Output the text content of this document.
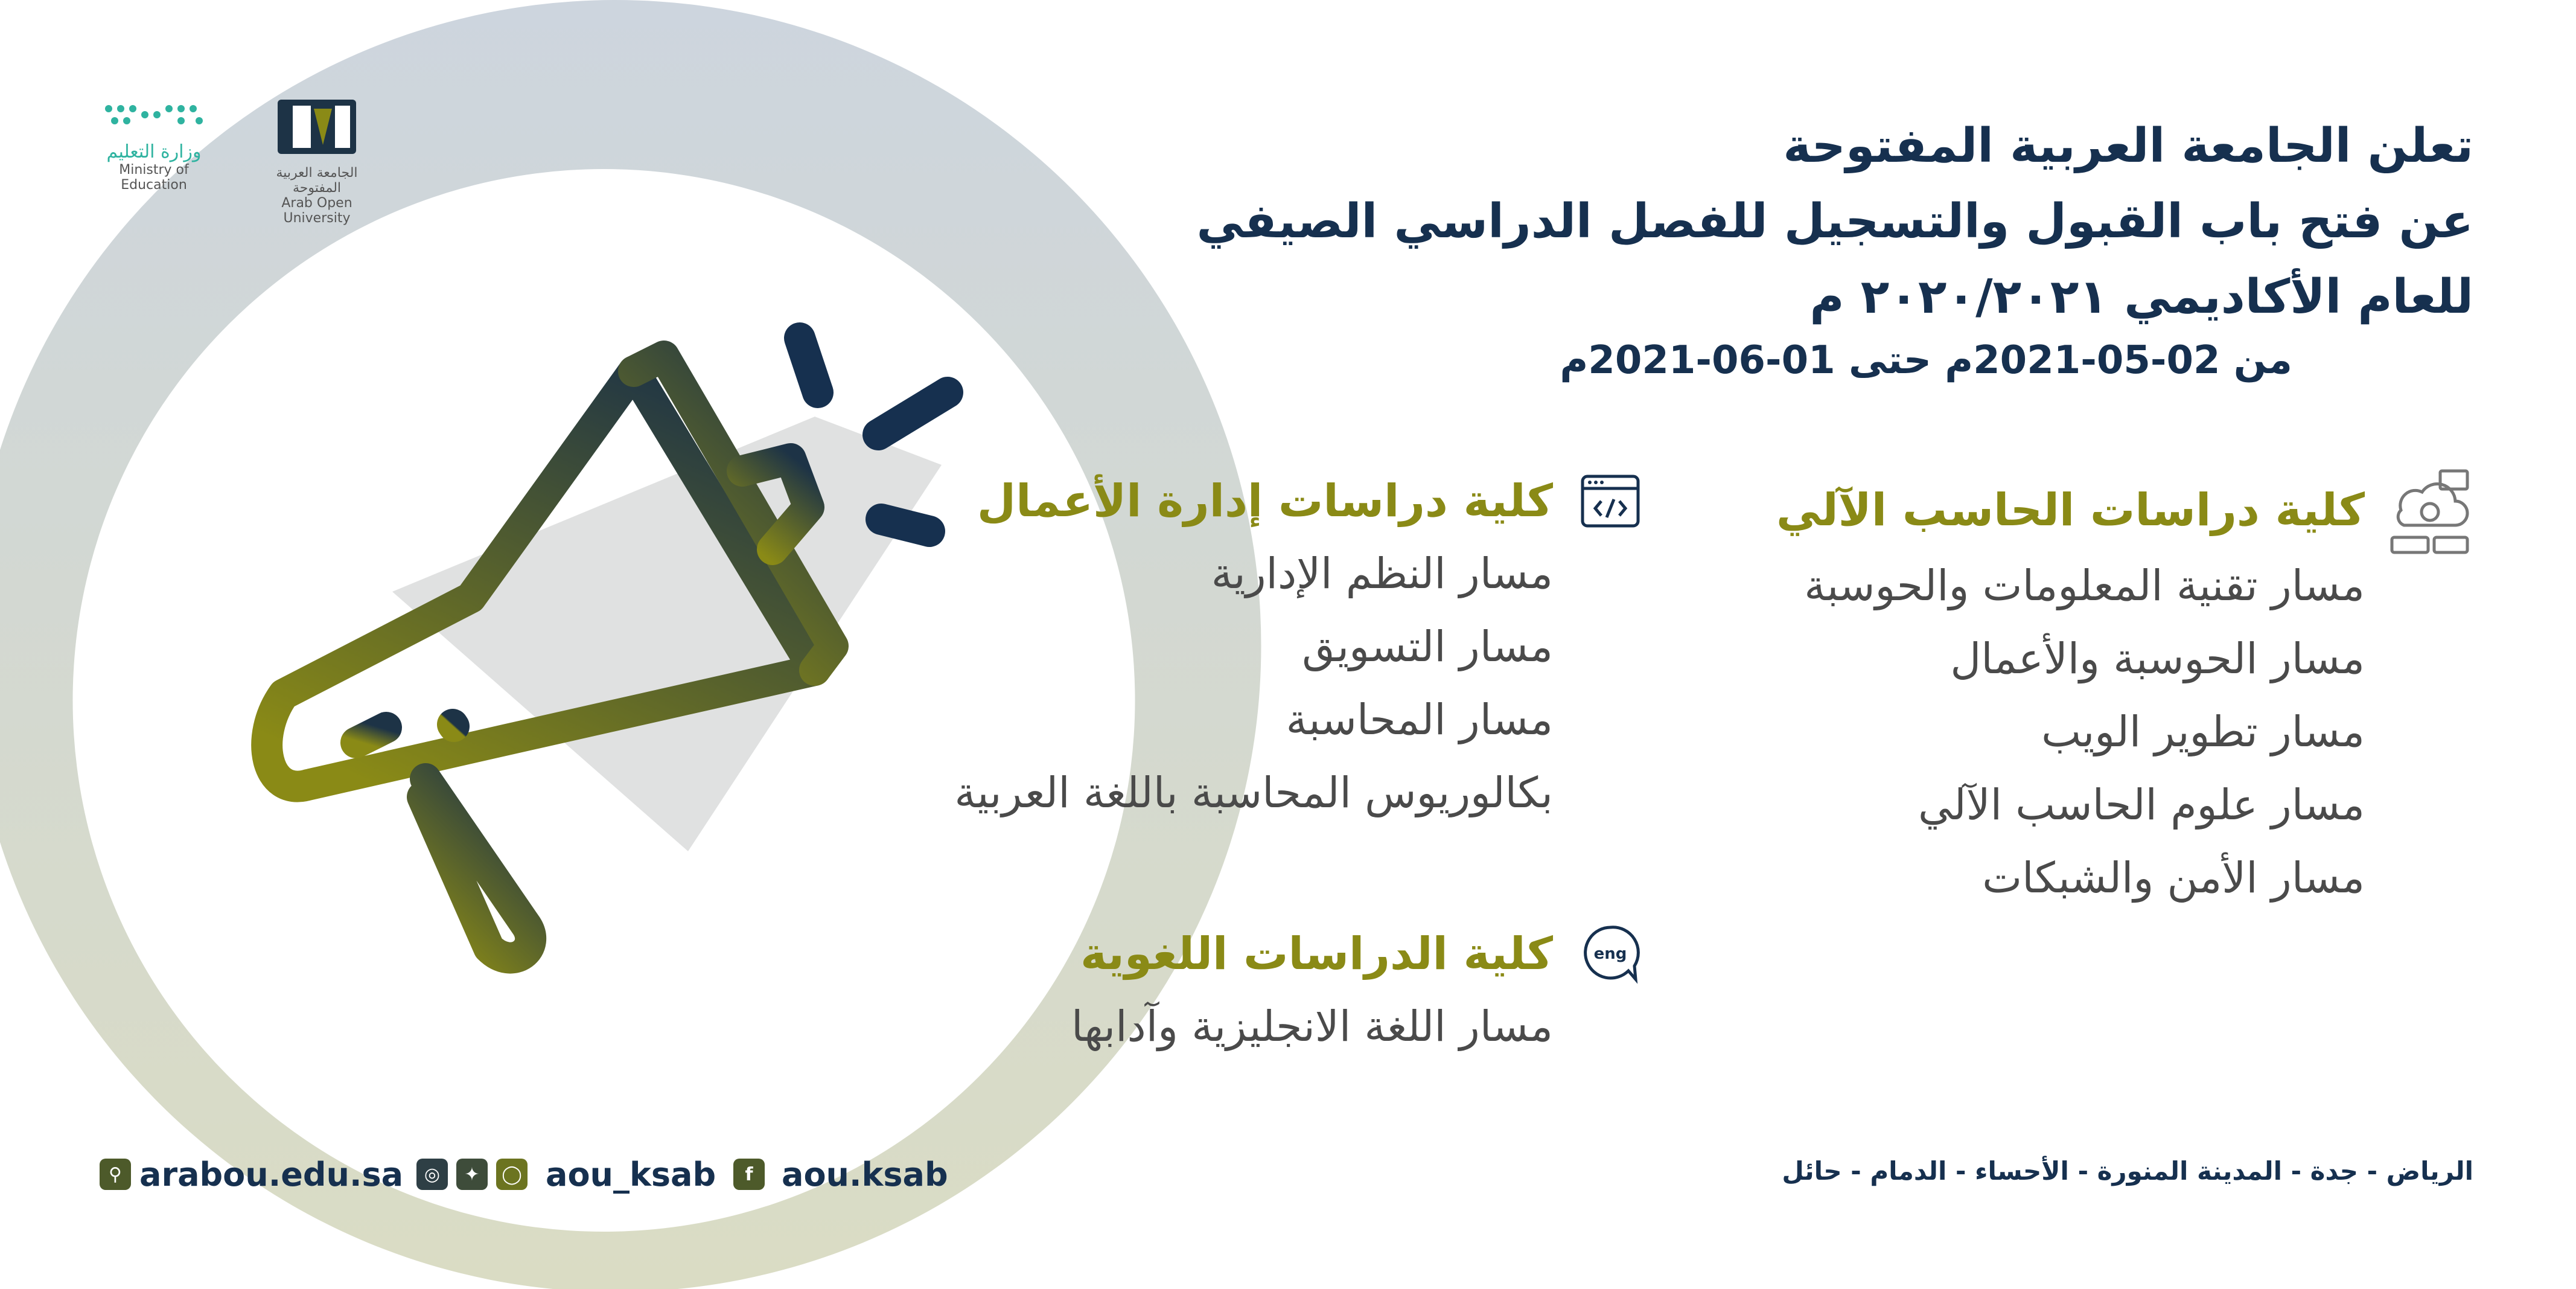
الجامعة العربية المفتوحة
Arab Open University
وزارة التعليم
Ministry of Education
تعلن الجامعة العربية المفتوحة
عن فتح باب القبول والتسجيل للفصل الدراسي الصيفي
للعام الأكاديمي ٢٠٢٠/٢٠٢١ م
من 02-05-2021م حتى 01-06-2021م
كلية دراسات الحاسب الآلي
مسار تقنية المعلومات والحوسبة
مسار الحوسبة والأعمال
مسار تطوير الويب
مسار علوم الحاسب الآلي
مسار الأمن والشبكات
كلية دراسات إدارة الأعمال
مسار النظم الإدارية
مسار التسويق
مسار المحاسبة
بكالوريوس المحاسبة باللغة العربية
eng
كلية الدراسات اللغوية
مسار اللغة الانجليزية وآدابها
الرياض - جدة - المدينة المنورة - الأحساء - الدمام - حائل
⚲ arabou.edu.sa	◎	✦	◯ aou_ksab	f aou.ksab
